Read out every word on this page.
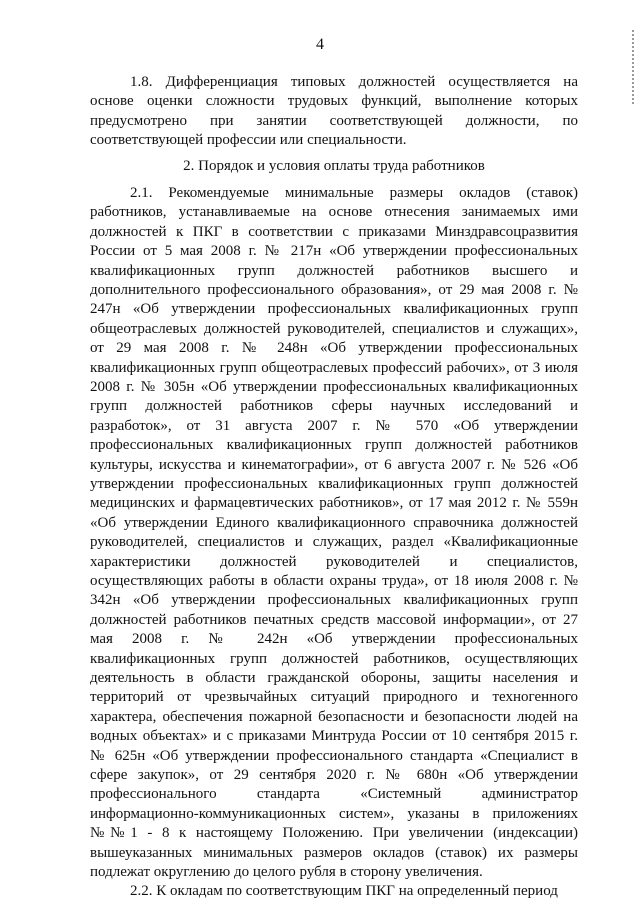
4
1.8. Дифференциация типовых должностей осуществляется на
основе оценки сложности трудовых функций, выполнение которых
предусмотрено при занятии соответствующей должности, по
соответствующей профессии или специальности.
2. Порядок и условия оплаты труда работников
2.1. Рекомендуемые минимальные размеры окладов (ставок)
работников, устанавливаемые на основе отнесения занимаемых ими
должностей к ПКГ в соответствии с приказами Минздравсоцразвития
России от 5 мая 2008 г. № 217н «Об утверждении профессиональных
квалификационных групп должностей работников высшего и
дополнительного профессионального образования», от 29 мая 2008 г. №
247н «Об утверждении профессиональных квалификационных групп
общеотраслевых должностей руководителей, специалистов и служащих»,
от 29 мая 2008 г. № 248н «Об утверждении профессиональных
квалификационных групп общеотраслевых профессий рабочих», от 3 июля
2008 г. № 305н «Об утверждении профессиональных квалификационных
групп должностей работников сферы научных исследований и
разработок», от 31 августа 2007 г. № 570 «Об утверждении
профессиональных квалификационных групп должностей работников
культуры, искусства и кинематографии», от 6 августа 2007 г. № 526 «Об
утверждении профессиональных квалификационных групп должностей
медицинских и фармацевтических работников», от 17 мая 2012 г. № 559н
«Об утверждении Единого квалификационного справочника должностей
руководителей, специалистов и служащих, раздел «Квалификационные
характеристики должностей руководителей и специалистов,
осуществляющих работы в области охраны труда», от 18 июля 2008 г. №
342н «Об утверждении профессиональных квалификационных групп
должностей работников печатных средств массовой информации», от 27
мая 2008 г. № 242н «Об утверждении профессиональных
квалификационных групп должностей работников, осуществляющих
деятельность в области гражданской обороны, защиты населения и
территорий от чрезвычайных ситуаций природного и техногенного
характера, обеспечения пожарной безопасности и безопасности людей на
водных объектах» и с приказами Минтруда России от 10 сентября 2015 г.
№ 625н «Об утверждении профессионального стандарта «Специалист в
сфере закупок», от 29 сентября 2020 г. № 680н «Об утверждении
профессионального стандарта «Системный администратор
информационно-коммуникационных систем», указаны в приложениях
№№1 - 8 к настоящему Положению. При увеличении (индексации)
вышеуказанных минимальных размеров окладов (ставок) их размеры
подлежат округлению до целого рубля в сторону увеличения.
2.2. К окладам по соответствующим ПКГ на определенный период
